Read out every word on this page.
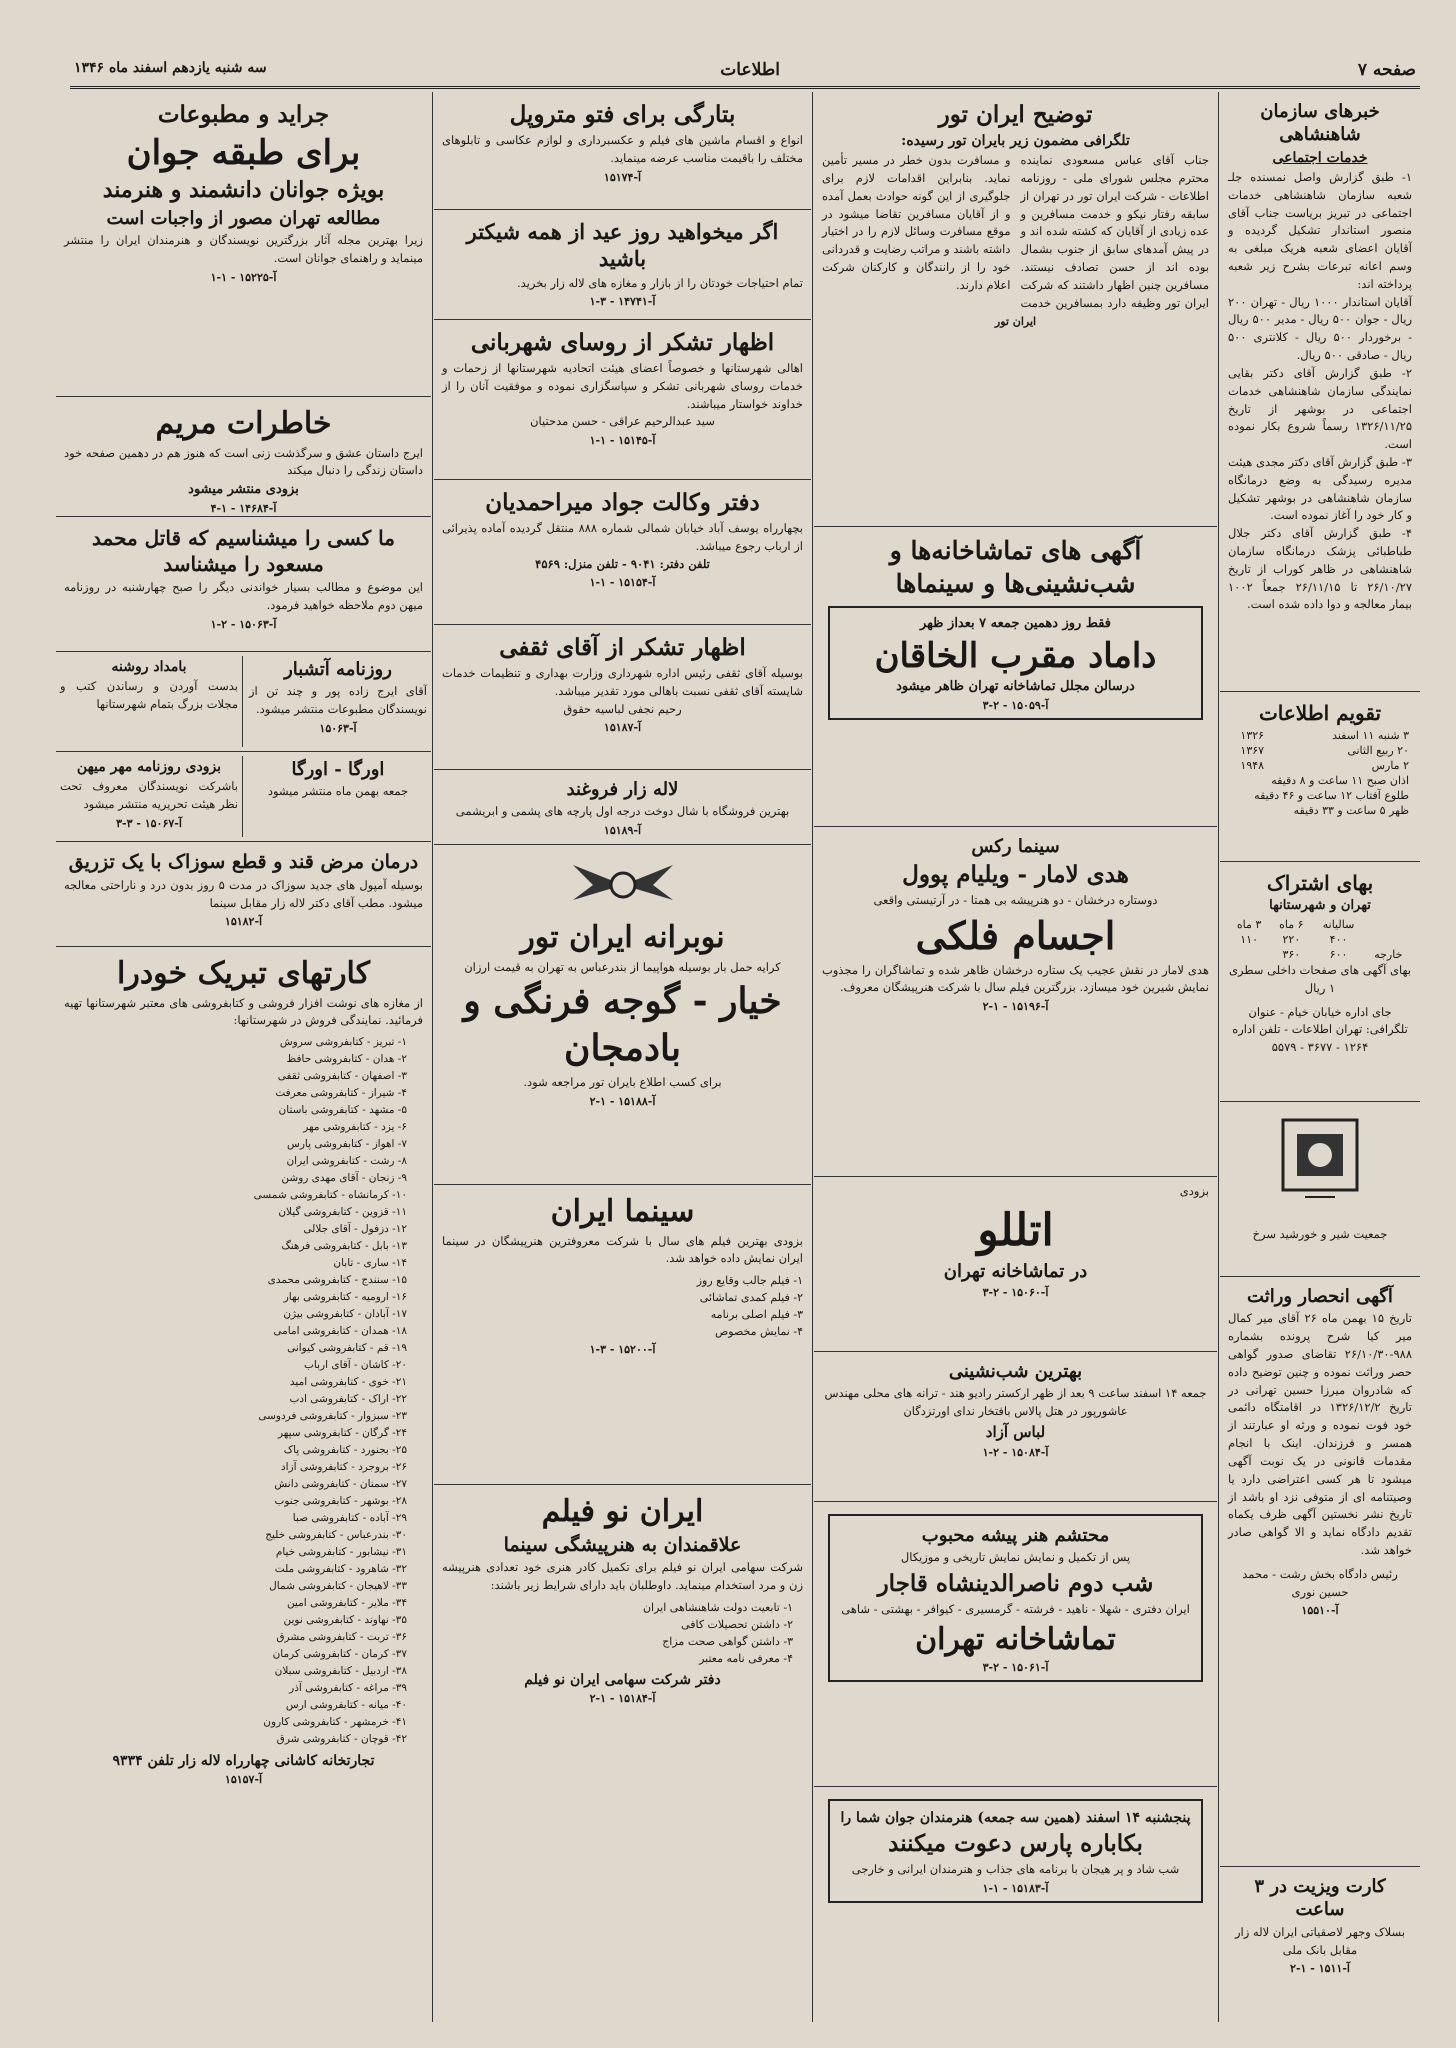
صفحه ۷
اطلاعات
سه شنبه یازدهم اسفند ماه ۱۳۴۶
خبرهای سازمان شاهنشاهی
خدمات اجتماعی
۱- طبق گزارش واصل نمسنده جلـ شعبه سازمان شاهنشاهی خدمات اجتماعی در تبریز بریاست جناب آقای منصور استاندار تشکیل گردیده و آقایان اعضای شعبه هریک مبلغی به وسم اعانه تبرعات بشرح زیر شعبه پرداخته اند:
آقایان استاندار ۱۰۰۰ ریال - تهران ۲۰۰ ریال - جوان ۵۰۰ ریال - مدیر ۵۰۰ ریال - برخوردار ۵۰۰ ریال - کلانتری ۵۰۰ ریال - صادقی ۵۰۰ ریال.
۲- طبق گزارش آقای دکتر بقایی نمایندگی سازمان شاهنشاهی خدمات اجتماعی در بوشهر از تاریخ ۱۳۲۶/۱۱/۲۵ رسماً شروع بکار نموده است.
۳- طبق گزارش آقای دکتر مجدی هیئت مدیره رسیدگی به وضع درمانگاه سازمان شاهنشاهی در بوشهر تشکیل و کار خود را آغاز نموده است.
۴- طبق گزارش آقای دکتر جلال طباطبائی پزشک درمانگاه سازمان شاهنشاهی در ظاهر کوراب از تاریخ ۲۶/۱۰/۲۷ تا ۲۶/۱۱/۱۵ جمعاً ۱۰۰۲ بیمار معالجه و دوا داده شده است.
تقویم اطلاعات
۳ شنبه ۱۱ اسفند	۱۳۲۶
۲۰ ربیع الثانی	۱۳۶۷
۲ مارس	۱۹۴۸
اذان صبح ۱۱ ساعت و ۸ دقیقه	
طلوع آفتاب ۱۲ ساعت و ۴۶ دقیقه	
ظهر ۵ ساعت و ۳۳ دقیقه	
بهای اشتراک
تهران و شهرستانها
	سالیانه	۶ ماه	۳ ماه
	۴۰۰	۲۲۰	۱۱۰
خارجه	۶۰۰	۳۶۰	
بهای آگهی های صفحات داخلی سطری ۱ ریال
جای اداره خیابان خیام - عنوان تلگرافی: تهران اطلاعات - تلفن اداره ۱۲۶۴ - ۳۶۷۷ - ۵۵۷۹
جمعیت شیر و خورشید سرخ
آگهی انحصار وراثت
تاریخ ۱۵ بهمن ماه ۲۶ آقای میر کمال میر کیا شرح پرونده بشماره ۹۸۸-۲۶/۱۰/۳۰ تقاضای صدور گواهی حصر وراثت نموده و چنین توضیح داده که شادروان میرزا حسین تهرانی در تاریخ ۱۳۲۶/۱۲/۲ در اقامتگاه دائمی خود فوت نموده و ورثه او عبارتند از همسر و فرزندان. اینک با انجام مقدمات قانونی در یک نوبت آگهی میشود تا هر کسی اعتراضی دارد یا وصیتنامه ای از متوفی نزد او باشد از تاریخ نشر نخستین آگهی ظرف یکماه تقدیم دادگاه نماید و الا گواهی صادر خواهد شد.
رئیس دادگاه بخش رشت - محمد حسین نوری
آ-۱۵۵۱۰
کارت ویزیت در ۳ ساعت
بسلاک وجهر لاصقیاتی ایران لاله زار مقابل بانک ملی
آ-۱۵۱۱ - ۱-۲
توضیح ایران تور
تلگرافی مضمون زیر بایران تور رسیده:
جناب آقای عباس مسعودی نماینده محترم مجلس شورای ملی - روزنامه اطلاعات - شرکت ایران تور در تهران از سابقه رفتار نیکو و خدمت مسافرین و عده زیادی از آقایان که کشته شده اند و در پیش آمدهای سابق از جنوب بشمال بوده اند از حسن تصادف نیستند. مسافرین چنین اظهار داشتند که شرکت ایران تور وظیفه دارد بمسافرین خدمت و مسافرت بدون خطر در مسیر تأمین نماید. بنابراین اقدامات لازم برای جلوگیری از این گونه حوادث بعمل آمده و از آقایان مسافرین تقاضا میشود در موقع مسافرت وسائل لازم را در اختیار داشته باشند و مراتب رضایت و قدردانی خود را از رانندگان و کارکنان شرکت اعلام دارند.
ایران تور
آگهی های تماشاخانه‌ها و شب‌نشینی‌ها و سینماها
فقط روز دهمین جمعه ۷ بعداز ظهر
داماد مقرب الخاقان
درسالن مجلل تماشاخانه تهران ظاهر میشود
آ-۱۵۰۵۹ - ۲-۳
سینما رکس
هدی لامار - ویلیام پوول
دوستاره درخشان - دو هنرپیشه بی همتا - در آرتیستی واقعی
اجسام فلکی
هدی لامار در نقش عجیب یک ستاره درخشان ظاهر شده و تماشاگران را مجذوب نمایش شیرین خود میسازد. بزرگترین فیلم سال با شرکت هنرپیشگان معروف.
آ-۱۵۱۹۶ - ۱-۲
بزودی
اتللو
در تماشاخانه تهران
آ-۱۵۰۶۰ - ۲-۳
بهترین شب‌نشینی
جمعه ۱۴ اسفند ساعت ۹ بعد از ظهر ارکستر رادیو هند - ترانه های محلی مهندس عاشورپور در هتل پالاس بافتخار ندای اورتزدگان
لباس آزاد
آ-۱۵۰۸۴ - ۲-۱
محتشم هنر پیشه محبوب
پس از تکمیل و نمایش نمایش تاریخی و موزیکال
شب دوم ناصرالدینشاه قاجار
ایران دفتری - شهلا - ناهید - فرشته - گرمسیری - کیوافر - بهشتی - شاهی
تماشاخانه تهران
آ-۱۵۰۶۱ - ۲-۳
پنجشنبه ۱۴ اسفند (همین سه جمعه) هنرمندان جوان شما را
بکاباره پارس دعوت میکنند
شب شاد و پر هیجان با برنامه های جذاب و هنرمندان ایرانی و خارجی
آ-۱۵۱۸۳ - ۱-۱
بتارگی برای فتو متروپل
انواع و اقسام ماشین های فیلم و عکسبرداری و لوازم عکاسی و تابلوهای مختلف را باقیمت مناسب عرضه مینماید.
آ-۱۵۱۷۴
اگر میخواهید روز عید از همه شیکتر باشید
تمام احتیاجات خودتان را از بازار و مغازه های لاله زار بخرید.
آ-۱۴۷۴۱ - ۳-۱
اظهار تشکر از روسای شهربانی
اهالی شهرستانها و خصوصاً اعضای هیئت اتحادیه شهرستانها از زحمات و خدمات روسای شهربانی تشکر و سپاسگزاری نموده و موفقیت آنان را از خداوند خواستار میباشند.
سید عبدالرحیم عراقی - حسن مدحتیان
آ-۱۵۱۴۵ - ۱-۱
دفتر وکالت جواد میراحمدیان
بچهارراه یوسف آباد خیابان شمالی شماره ۸۸۸ منتقل گردیده آماده پذیرائی از ارباب رجوع میباشد.
تلفن دفتر: ۹۰۴۱ - تلفن منزل: ۴۵۶۹
آ-۱۵۱۵۴ - ۱-۱
اظهار تشکر از آقای ثقفی
بوسیله آقای ثقفی رئیس اداره شهرداری وزارت بهداری و تنظیمات خدمات شایسته آقای ثقفی نسبت باهالی مورد تقدیر میباشد.
رحیم نجفی لباسیه حقوق
آ-۱۵۱۸۷
لاله زار فروغند
بهترین فروشگاه با شال دوخت درجه اول پارچه های پشمی و ابریشمی
آ-۱۵۱۸۹
نوبرانه ایران تور
کرایه حمل بار بوسیله هواپیما از بندرعباس به تهران به قیمت ارزان
خیار - گوجه فرنگی و بادمجان
برای کسب اطلاع بایران تور مراجعه شود.
آ-۱۵۱۸۸ - ۱-۲
سینما ایران
بزودی بهترین فیلم های سال با شرکت معروفترین هنرپیشگان در سینما ایران نمایش داده خواهد شد.
۱- فیلم جالب وقایع روز
۲- فیلم کمدی تماشائی
۳- فیلم اصلی برنامه
۴- نمایش مخصوص
آ-۱۵۲۰۰ - ۳-۱
ایران نو فیلم
علاقمندان به هنرپیشگی سینما
شرکت سهامی ایران نو فیلم برای تکمیل کادر هنری خود تعدادی هنرپیشه زن و مرد استخدام مینماید. داوطلبان باید دارای شرایط زیر باشند:
۱- تابعیت دولت شاهنشاهی ایران
۲- داشتن تحصیلات کافی
۳- داشتن گواهی صحت مزاج
۴- معرفی نامه معتبر
دفتر شرکت سهامی ایران نو فیلم
آ-۱۵۱۸۴ - ۱-۲
جراید و مطبوعات
برای طبقه جوان
بویژه جوانان دانشمند و هنرمند
مطالعه تهران مصور از واجبات است
زیرا بهترین مجله آثار بزرگترین نویسندگان و هنرمندان ایران را منتشر مینماید و راهنمای جوانان است.
آ-۱۵۲۲۵ - ۱-۱
خاطرات مریم
ایرج داستان عشق و سرگذشت زنی است که هنوز هم در دهمین صفحه خود داستان زندگی را دنبال میکند
بزودی منتشر میشود
آ-۱۴۶۸۴ - ۱-۴
ما کسی را میشناسیم که قاتل محمد مسعود را میشناسد
این موضوع و مطالب بسیار خواندنی دیگر را صبح چهارشنبه در روزنامه میهن دوم ملاحظه خواهید فرمود.
آ-۱۵۰۶۳ - ۲-۱
روزنامه آتشبار
آقای ایرج زاده پور و چند تن از نویسندگان مطبوعات منتشر میشود.
آ-۱۵۰۶۳
بامداد روشنه
بدست آوردن و رساندن کتب و مجلات بزرگ بتمام شهرستانها
اورگا - اورگا
جمعه بهمن ماه منتشر میشود
بزودی روزنامه مهر میهن
باشرکت نویسندگان معروف تحت نظر هیئت تحریریه منتشر میشود
آ-۱۵۰۶۷ - ۳-۳
درمان مرض قند و قطع سوزاک با یک تزریق
بوسیله آمپول های جدید سوزاک در مدت ۵ روز بدون درد و ناراحتی معالجه میشود. مطب آقای دکتر لاله زار مقابل سینما
آ-۱۵۱۸۲
کارتهای تبریک خودرا
از مغازه های نوشت افزار فروشی و کتابفروشی های معتبر شهرستانها تهیه فرمائید. نمایندگی فروش در شهرستانها:
۱- تبریز - کتابفروشی سروش
۲- هدان - کتابفروشی حافظ
۳- اصفهان - کتابفروشی ثقفی
۴- شیراز - کتابفروشی معرفت
۵- مشهد - کتابفروشی باستان
۶- یزد - کتابفروشی مهر
۷- اهواز - کتابفروشی پارس
۸- رشت - کتابفروشی ایران
۹- زنجان - آقای مهدی روشن
۱۰- کرمانشاه - کتابفروشی شمسی
۱۱- قزوین - کتابفروشی گیلان
۱۲- دزفول - آقای جلالی
۱۳- بابل - کتابفروشی فرهنگ
۱۴- ساری - تابان
۱۵- سنندج - کتابفروشی محمدی
۱۶- ارومیه - کتابفروشی بهار
۱۷- آبادان - کتابفروشی بیژن
۱۸- همدان - کتابفروشی امامی
۱۹- قم - کتابفروشی کیوانی
۲۰- کاشان - آقای ارباب
۲۱- خوی - کتابفروشی امید
۲۲- اراک - کتابفروشی ادب
۲۳- سبزوار - کتابفروشی فردوسی
۲۴- گرگان - کتابفروشی سپهر
۲۵- بجنورد - کتابفروشی پاک
۲۶- بروجرد - کتابفروشی آزاد
۲۷- سمنان - کتابفروشی دانش
۲۸- بوشهر - کتابفروشی جنوب
۲۹- آباده - کتابفروشی صبا
۳۰- بندرعباس - کتابفروشی خلیج
۳۱- نیشابور - کتابفروشی خیام
۳۲- شاهرود - کتابفروشی ملت
۳۳- لاهیجان - کتابفروشی شمال
۳۴- ملایر - کتابفروشی امین
۳۵- نهاوند - کتابفروشی نوین
۳۶- تربت - کتابفروشی مشرق
۳۷- کرمان - کتابفروشی کرمان
۳۸- اردبیل - کتابفروشی سبلان
۳۹- مراغه - کتابفروشی آذر
۴۰- میانه - کتابفروشی ارس
۴۱- خرمشهر - کتابفروشی کارون
۴۲- قوچان - کتابفروشی شرق
تجارتخانه کاشانی چهارراه لاله زار تلفن ۹۳۳۴
آ-۱۵۱۵۷
